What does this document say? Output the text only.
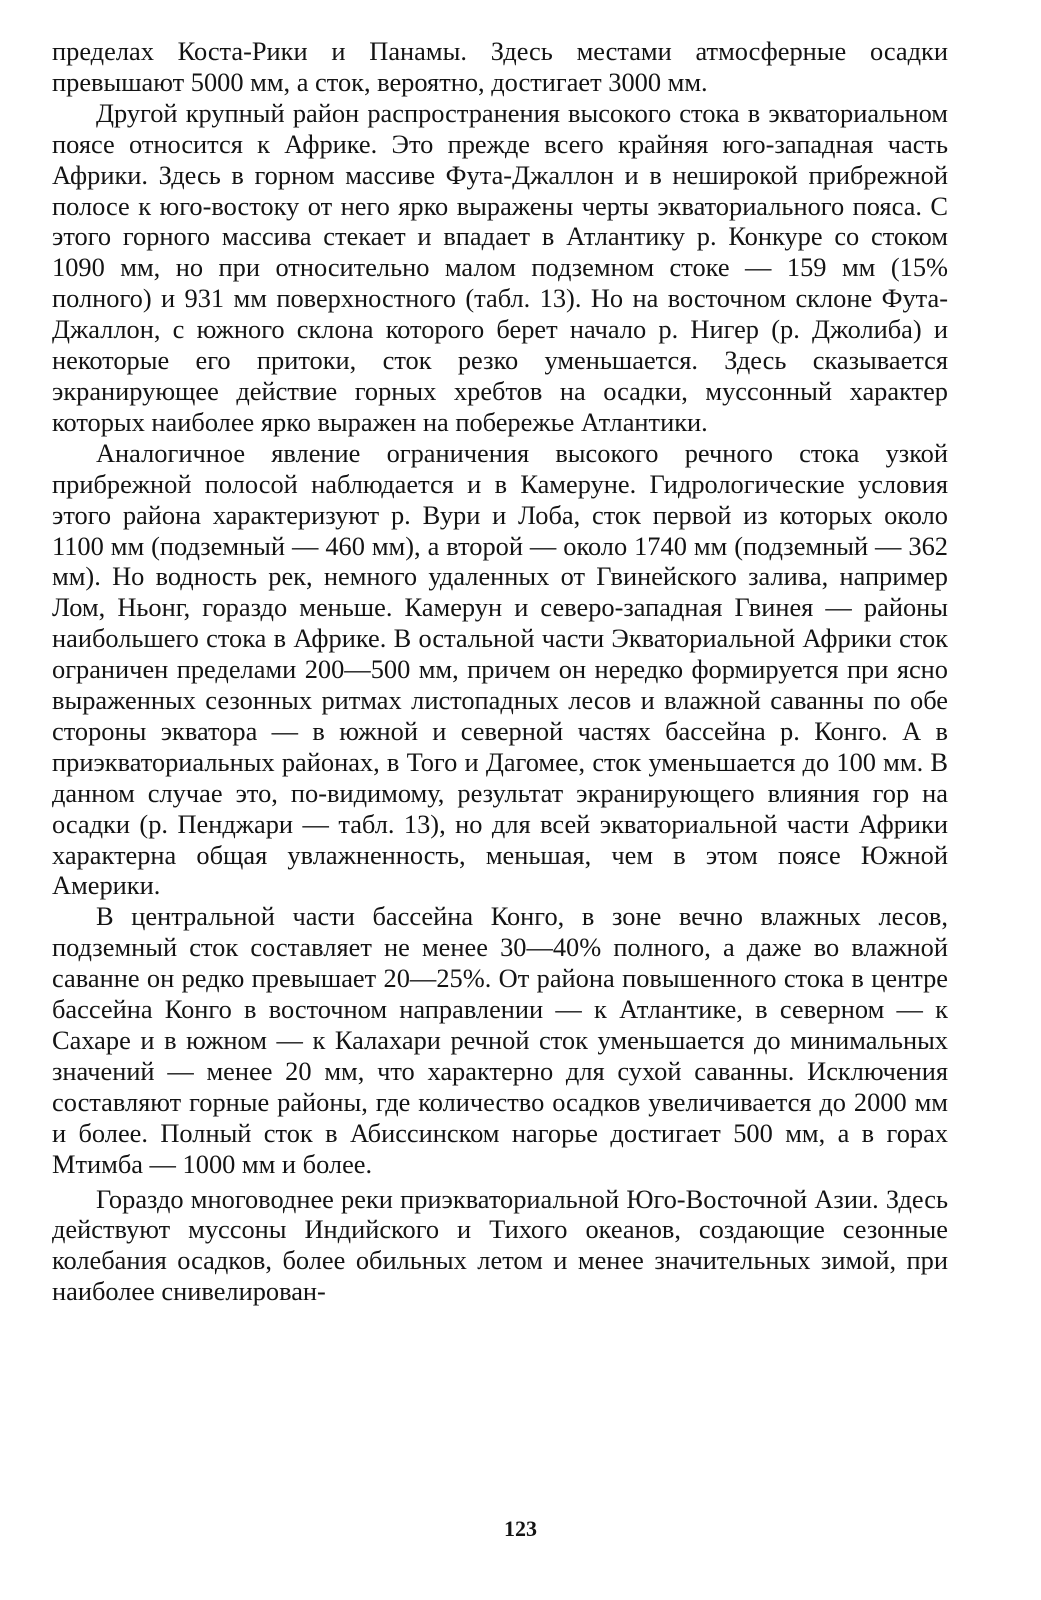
пределах Коста-Рики и Панамы. Здесь местами атмосферные осадки превышают 5000 мм, а сток, вероятно, достигает 3000 мм.

Другой крупный район распространения высокого стока в экваториальном поясе относится к Африке. Это прежде всего крайняя юго-западная часть Африки. Здесь в горном массиве Фута-Джаллон и в неширокой прибрежной полосе к юго-востоку от него ярко выражены черты экваториального пояса. С этого горного массива стекает и впадает в Атлантику р. Конкуре со стоком 1090 мм, но при относительно малом подземном стоке — 159 мм (15% полного) и 931 мм поверхностного (табл. 13). Но на восточном склоне Фута-Джаллон, с южного склона которого берет начало р. Нигер (р. Джолиба) и некоторые его притоки, сток резко уменьшается. Здесь сказывается экранирующее действие горных хребтов на осадки, муссонный характер которых наиболее ярко выражен на побережье Атлантики.

Аналогичное явление ограничения высокого речного стока узкой прибрежной полосой наблюдается и в Камеруне. Гидрологические условия этого района характеризуют р. Вури и Лоба, сток первой из которых около 1100 мм (подземный — 460 мм), а второй — около 1740 мм (подземный — 362 мм). Но водность рек, немного удаленных от Гвинейского залива, например Лом, Ньонг, гораздо меньше. Камерун и северо-западная Гвинея — районы наибольшего стока в Африке. В остальной части Экваториальной Африки сток ограничен пределами 200—500 мм, причем он нередко формируется при ясно выраженных сезонных ритмах листопадных лесов и влажной саванны по обе стороны экватора — в южной и северной частях бассейна р. Конго. А в приэкваториальных районах, в Того и Дагомее, сток уменьшается до 100 мм. В данном случае это, по-видимому, результат экранирующего влияния гор на осадки (р. Пенджари — табл. 13), но для всей экваториальной части Африки характерна общая увлажненность, меньшая, чем в этом поясе Южной Америки.

В центральной части бассейна Конго, в зоне вечно влажных лесов, подземный сток составляет не менее 30—40% полного, а даже во влажной саванне он редко превышает 20—25%. От района повышенного стока в центре бассейна Конго в восточном направлении — к Атлантике, в северном — к Сахаре и в южном — к Калахари речной сток уменьшается до минимальных значений — менее 20 мм, что характерно для сухой саванны. Исключения составляют горные районы, где количество осадков увеличивается до 2000 мм и более. Полный сток в Абиссинском нагорье достигает 500 мм, а в горах Мтимба — 1000 мм и более.

Гораздо многоводнее реки приэкваториальной Юго-Восточной Азии. Здесь действуют муссоны Индийского и Тихого океанов, создающие сезонные колебания осадков, более обильных летом и менее значительных зимой, при наиболее снивелирован-

123
